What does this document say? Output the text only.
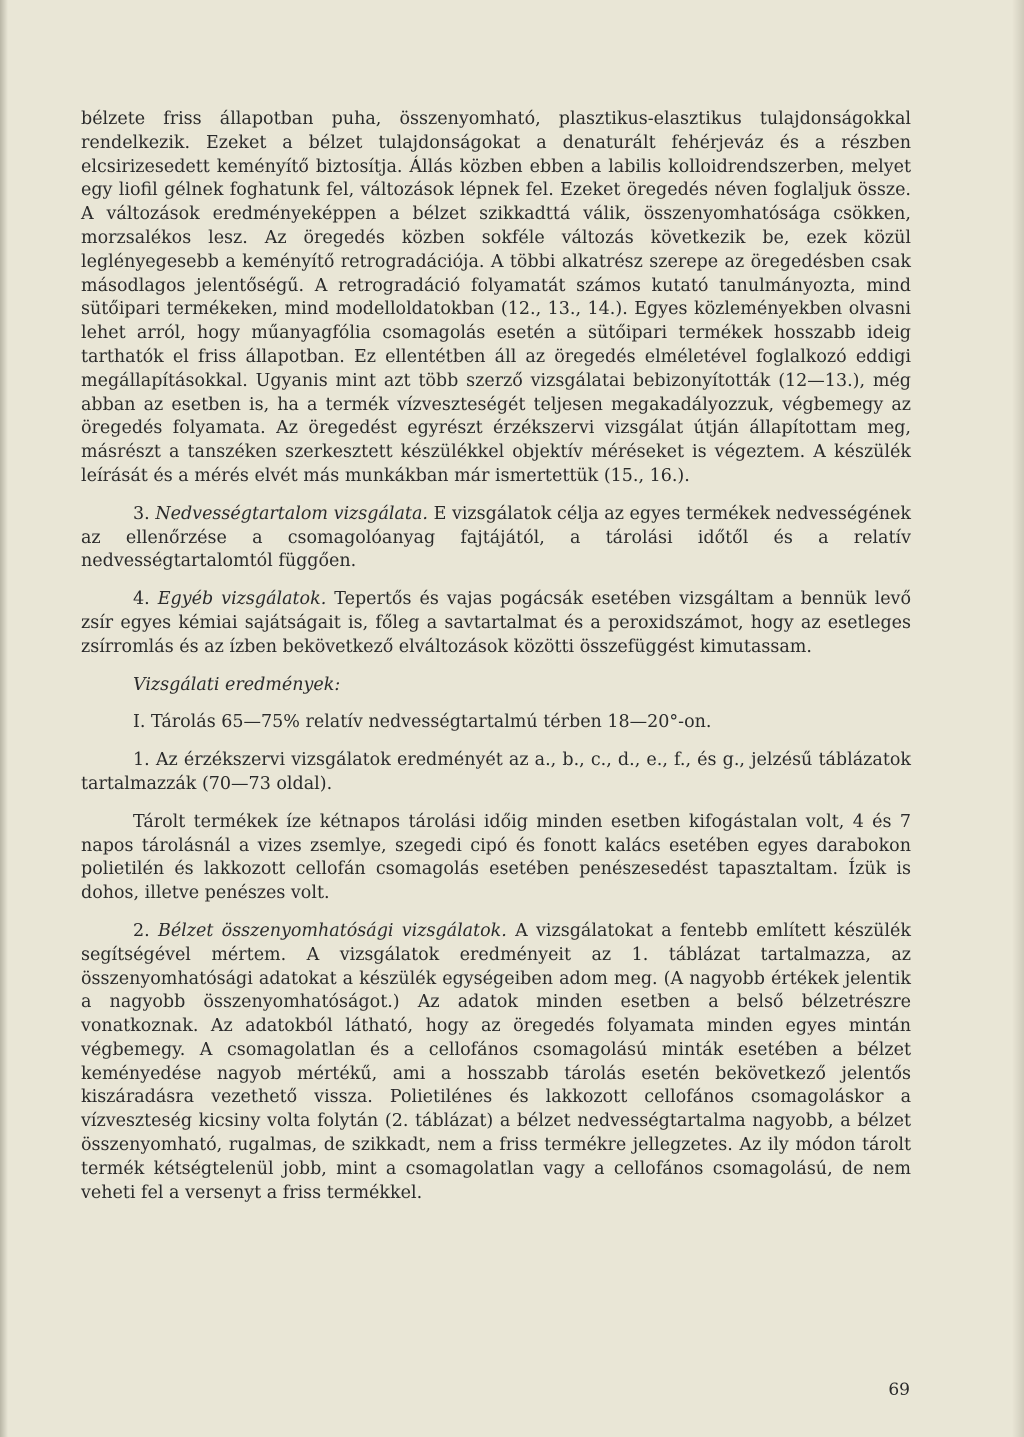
bélzete friss állapotban puha, összenyomható, plasztikus-elasztikus tulajdonságokkal rendelkezik. Ezeket a bélzet tulajdonságokat a denaturált fehérjeváz és a részben elcsirizesedett keményítő biztosítja. Állás közben ebben a labilis kolloidrendszerben, melyet egy liofil gélnek foghatunk fel, változások lépnek fel. Ezeket öregedés néven foglaljuk össze. A változások eredményeképpen a bélzet szikkadttá válik, összenyomhatósága csökken, morzsalékos lesz. Az öregedés közben sokféle változás következik be, ezek közül leglényegesebb a keményítő retrogradációja. A többi alkatrész szerepe az öregedésben csak másodlagos jelentőségű. A retrogradáció folyamatát számos kutató tanulmányozta, mind sütőipari termékeken, mind modelloldatokban (12., 13., 14.). Egyes közleményekben olvasni lehet arról, hogy műanyagfólia csomagolás esetén a sütőipari termékek hosszabb ideig tarthatók el friss állapotban. Ez ellentétben áll az öregedés elméletével foglalkozó eddigi megállapításokkal. Ugyanis mint azt több szerző vizsgálatai bebizonyították (12—13.), még abban az esetben is, ha a termék vízveszteségét teljesen megakadályozzuk, végbemegy az öregedés folyamata. Az öregedést egyrészt érzékszervi vizsgálat útján állapítottam meg, másrészt a tanszéken szerkesztett készülékkel objektív méréseket is végeztem. A készülék leírását és a mérés elvét más munkákban már ismertettük (15., 16.).

3. Nedvességtartalom vizsgálata. E vizsgálatok célja az egyes termékek nedvességének az ellenőrzése a csomagolóanyag fajtájától, a tárolási időtől és a relatív nedvességtartalomtól függően.

4. Egyéb vizsgálatok. Tepertős és vajas pogácsák esetében vizsgáltam a bennük levő zsír egyes kémiai sajátságait is, főleg a savtartalmat és a peroxidszámot, hogy az esetleges zsírromlás és az ízben bekövetkező elváltozások közötti összefüggést kimutassam.

Vizsgálati eredmények:

I. Tárolás 65—75% relatív nedvességtartalmú térben 18—20°-on.

1. Az érzékszervi vizsgálatok eredményét az a., b., c., d., e., f., és g., jelzésű táblázatok tartalmazzák (70—73 oldal).

Tárolt termékek íze kétnapos tárolási időig minden esetben kifogástalan volt, 4 és 7 napos tárolásnál a vizes zsemlye, szegedi cipó és fonott kalács esetében egyes darabokon polietilén és lakkozott cellofán csomagolás esetében penészesedést tapasztaltam. Ízük is dohos, illetve penészes volt.

2. Bélzet összenyomhatósági vizsgálatok. A vizsgálatokat a fentebb említett készülék segítségével mértem. A vizsgálatok eredményeit az 1. táblázat tartalmazza, az összenyomhatósági adatokat a készülék egységeiben adom meg. (A nagyobb értékek jelentik a nagyobb összenyomhatóságot.) Az adatok minden esetben a belső bélzetrészre vonatkoznak. Az adatokból látható, hogy az öregedés folyamata minden egyes mintán végbemegy. A csomagolatlan és a cellofános csomagolású minták esetében a bélzet keményedése nagyob mértékű, ami a hosszabb tárolás esetén bekövetkező jelentős kiszáradásra vezethető vissza. Polietilénes és lakkozott cellofános csomagoláskor a vízveszteség kicsiny volta folytán (2. táblázat) a bélzet nedvességtartalma nagyobb, a bélzet összenyomható, rugalmas, de szikkadt, nem a friss termékre jellegzetes. Az ily módon tárolt termék kétségtelenül jobb, mint a csomagolatlan vagy a cellofános csomagolású, de nem veheti fel a versenyt a friss termékkel.

69
